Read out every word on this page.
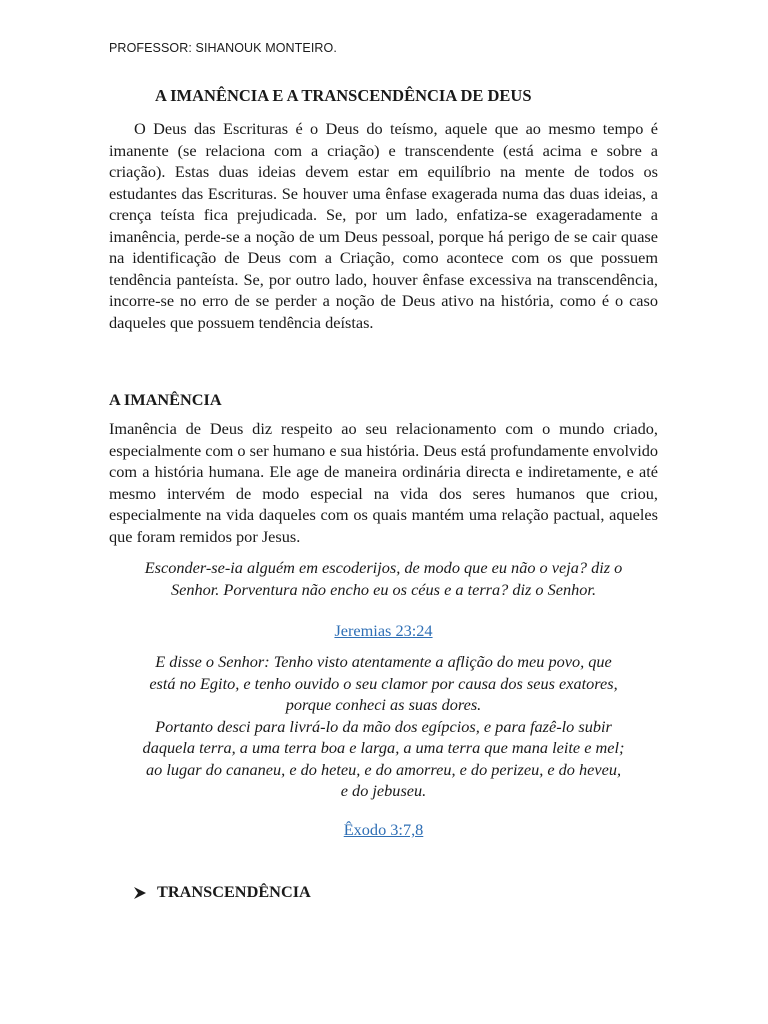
PROFESSOR: SIHANOUK MONTEIRO.
A IMANÊNCIA E A TRANSCENDÊNCIA DE DEUS

O Deus das Escrituras é o Deus do teísmo, aquele que ao mesmo tempo é imanente (se relaciona com a criação) e transcendente (está acima e sobre a criação). Estas duas ideias devem estar em equilíbrio na mente de todos os estudantes das Escrituras. Se houver uma ênfase exagerada numa das duas ideias, a crença teísta fica prejudicada. Se, por um lado, enfatiza-se exageradamente a imanência, perde-se a noção de um Deus pessoal, porque há perigo de se cair quase na identificação de Deus com a Criação, como acontece com os que possuem tendência panteísta. Se, por outro lado, houver ênfase excessiva na transcendência, incorre-se no erro de se perder a noção de Deus ativo na história, como é o caso daqueles que possuem tendência deístas.

A IMANÊNCIA

Imanência de Deus diz respeito ao seu relacionamento com o mundo criado, especialmente com o ser humano e sua história. Deus está profundamente envolvido com a história humana. Ele age de maneira ordinária directa e indiretamente, e até mesmo intervém de modo especial na vida dos seres humanos que criou, especialmente na vida daqueles com os quais mantém uma relação pactual, aqueles que foram remidos por Jesus.

Esconder-se-ia alguém em escoderijos, de modo que eu não o veja? diz o
Senhor. Porventura não encho eu os céus e a terra? diz o Senhor.

Jeremias 23:24

E disse o Senhor: Tenho visto atentamente a aflição do meu povo, que
está no Egito, e tenho ouvido o seu clamor por causa dos seus exatores,
porque conheci as suas dores.
Portanto desci para livrá-lo da mão dos egípcios, e para fazê-lo subir
daquela terra, a uma terra boa e larga, a uma terra que mana leite e mel;
ao lugar do cananeu, e do heteu, e do amorreu, e do perizeu, e do heveu,
e do jebuseu.

Êxodo 3:7,8
TRANSCENDÊNCIA
